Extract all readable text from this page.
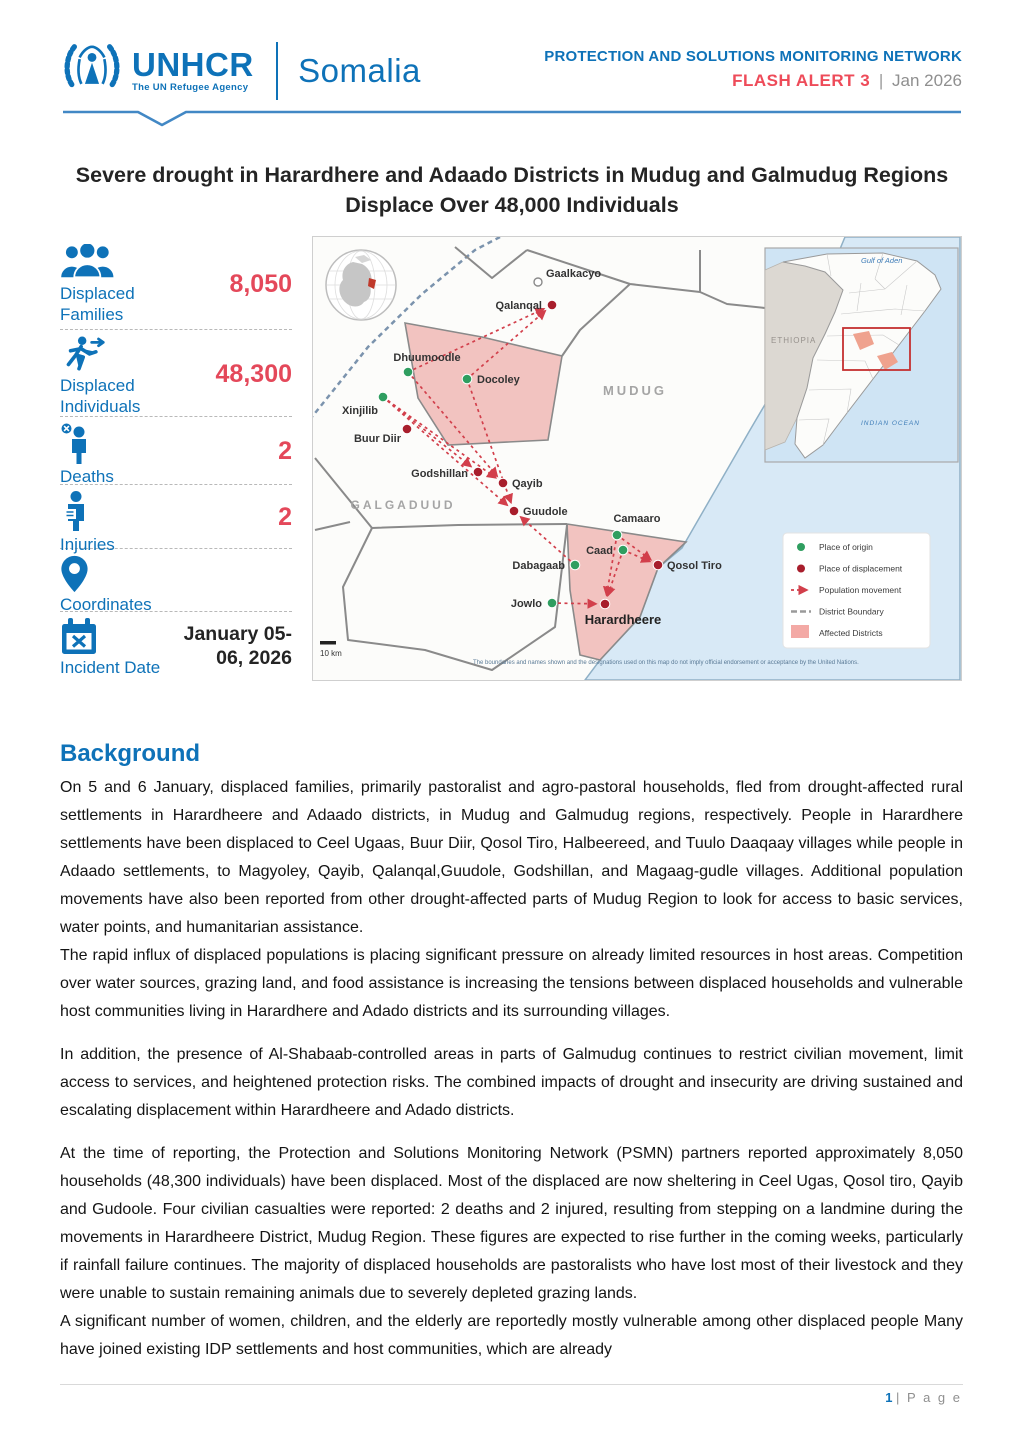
UNHCR
The UN Refugee Agency Somalia	PROTECTION AND SOLUTIONS MONITORING NETWORK
FLASH ALERT 3 | Jan 2026
Severe drought in Harardhere and Adaado Districts in Mudug and Galmudug Regions Displace Over 48,000 Individuals
Displaced Families
8,050
Displaced Individuals
48,300
Deaths
2
Injuries
2
Coordinates
Incident Date
January 05-06, 2026
MUDUG
GALGADUUD
Gaalkacyo
Qalanqal
Dhuumoodle
Docoley
Xinjilib
Buur Diir
Godshillan
Qayib
Guudole
Camaaro
Caad
Dabagaab	Qosol Tiro
Jowlo
Harardheere
Gulf of Aden
ETHIOPIA
INDIAN OCEAN
Place of origin
Place of displacement
Population movement
District Boundary
Affected Districts
10 km
The boundaries and names shown and the designations used on this map do not imply official endorsement or acceptance by the United Nations.
Background
On 5 and 6 January, displaced families, primarily pastoralist and agro-pastoral households, fled from drought-affected rural settlements in Harardheere and Adaado districts, in Mudug and Galmudug regions, respectively. People in Harardhere settlements have been displaced to Ceel Ugaas, Buur Diir, Qosol Tiro, Halbeereed, and Tuulo Daaqaay villages while people in Adaado settlements, to Magyoley, Qayib, Qalanqal,Guudole, Godshillan, and Magaag-gudle villages. Additional population movements have also been reported from other drought-affected parts of Mudug Region to look for access to basic services, water points, and humanitarian assistance.
The rapid influx of displaced populations is placing significant pressure on already limited resources in host areas. Competition over water sources, grazing land, and food assistance is increasing the tensions between displaced households and vulnerable host communities living in Harardhere and Adado districts and its surrounding villages.
In addition, the presence of Al-Shabaab-controlled areas in parts of Galmudug continues to restrict civilian movement, limit access to services, and heightened protection risks. The combined impacts of drought and insecurity are driving sustained and escalating displacement within Harardheere and Adado districts.
At the time of reporting, the Protection and Solutions Monitoring Network (PSMN) partners reported approximately 8,050 households (48,300 individuals) have been displaced. Most of the displaced are now sheltering in Ceel Ugas, Qosol tiro, Qayib and Gudoole. Four civilian casualties were reported: 2 deaths and 2 injured, resulting from stepping on a landmine during the movements in Harardheere District, Mudug Region. These figures are expected to rise further in the coming weeks, particularly if rainfall failure continues. The majority of displaced households are pastoralists who have lost most of their livestock and they were unable to sustain remaining animals due to severely depleted grazing lands.
A significant number of women, children, and the elderly are reportedly mostly vulnerable among other displaced people Many have joined existing IDP settlements and host communities, which are already
1 | P a g e
